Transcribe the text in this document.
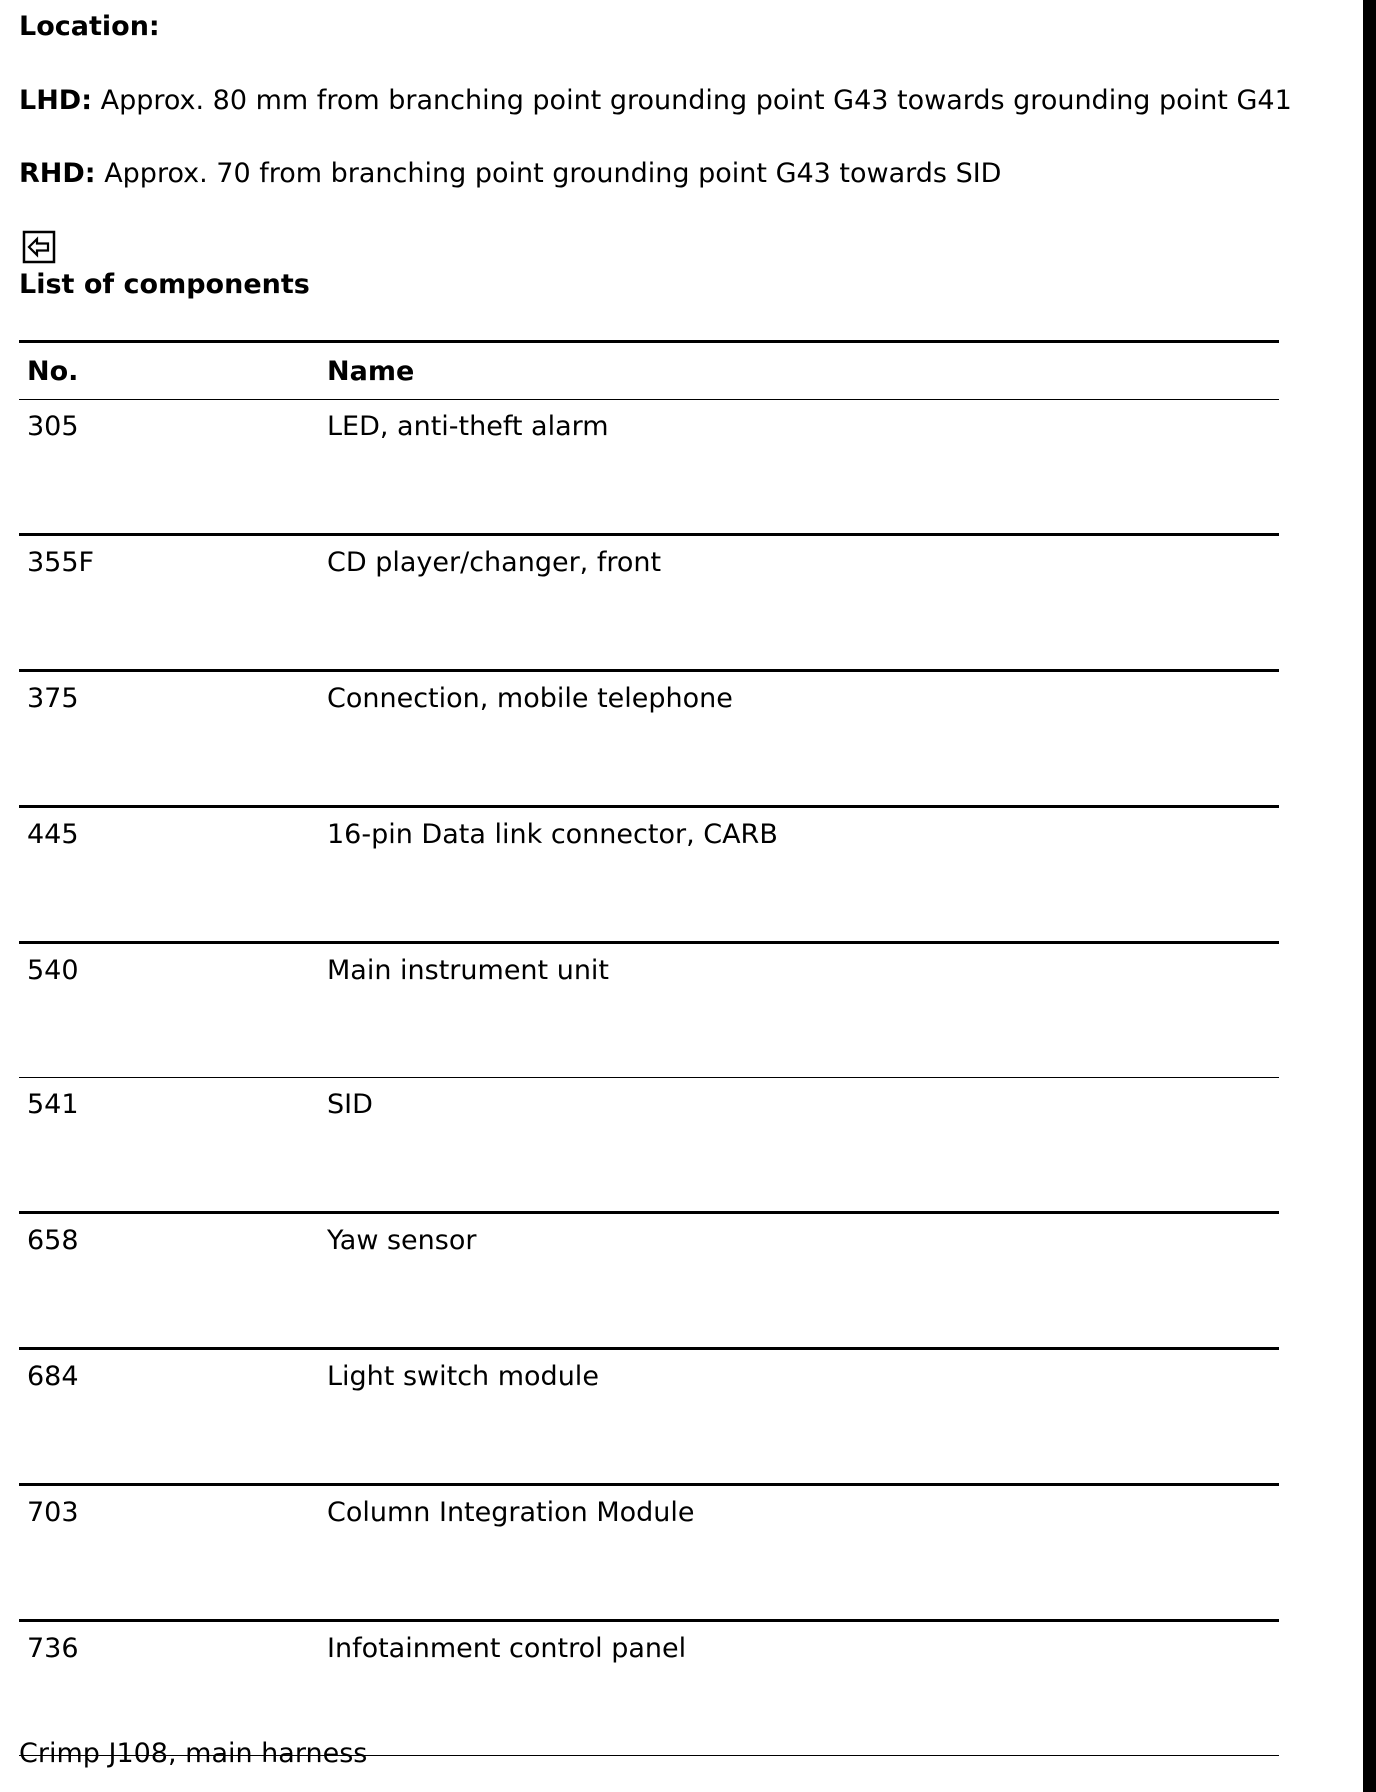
Location:

LHD: Approx. 80 mm from branching point grounding point G43 towards grounding point G41

RHD: Approx. 70 from branching point grounding point G43 towards SID

List of components

No.	Name
305	LED, anti-theft alarm
355F	CD player/changer, front
375	Connection, mobile telephone
445	16-pin Data link connector, CARB
540	Main instrument unit
541	SID
658	Yaw sensor
684	Light switch module
703	Column Integration Module
736	Infotainment control panel

Crimp J108, main harness
